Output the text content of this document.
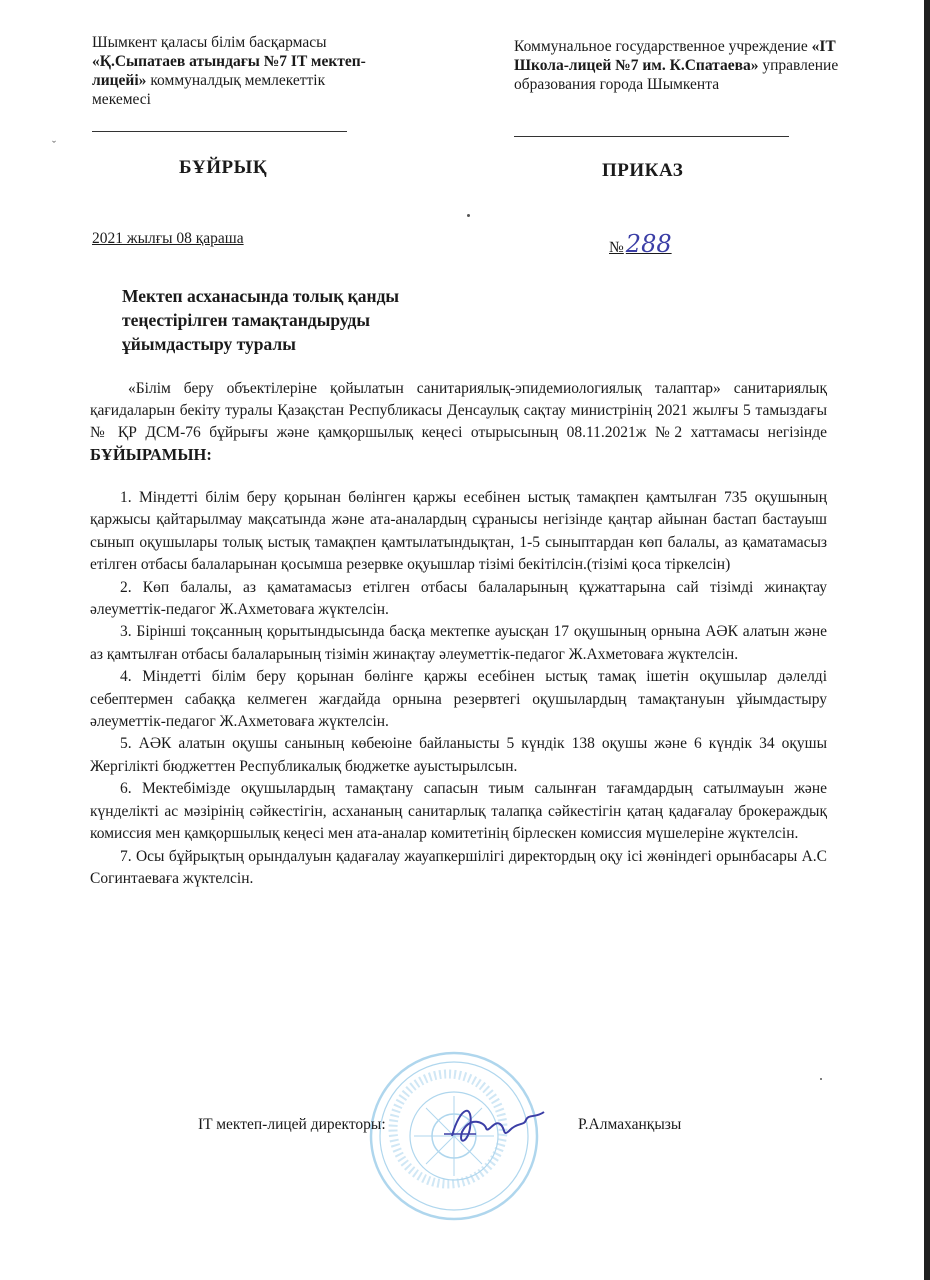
ˇ
Шымкент қаласы білім басқармасы
«Қ.Сыпатаев атындағы №7 IT мектеп-лицейі» коммуналдық мемлекеттік мекемесі
Коммунальное государственное учреждение «IT Школа-лицей №7 им. К.Спатаева» управление образования города Шымкента
БҰЙРЫҚ	ПРИКАЗ
2021 жылғы 08 қараша
№288
Мектеп асханасында толық қанды
теңестірілген тамақтандыруды
ұйымдастыру туралы
«Білім беру объектілеріне қойылатын санитариялық-эпидемиологиялық талаптар» санитариялық қағидаларын бекіту туралы Қазақстан Республикасы Денсаулық сақтау министрінің 2021 жылғы 5 тамыздағы № ҚР ДСМ-76 бұйрығы және қамқоршылық кеңесі отырысының 08.11.2021ж №2 хаттамасы негізінде БҰЙЫРАМЫН:

1. Міндетті білім беру қорынан бөлінген қаржы есебінен ыстық тамақпен қамтылған 735 оқушының қаржысы қайтарылмау мақсатында және ата-аналардың сұранысы негізінде қаңтар айынан бастап бастауыш сынып оқушылары толық ыстық тамақпен қамтылатындықтан, 1-5 сыныптардан көп балалы, аз қаматамасыз етілген отбасы балаларынан қосымша резервке оқуышлар тізімі бекітілсін.(тізімі қоса тіркелсін)

2. Көп балалы, аз қаматамасыз етілген отбасы балаларының құжаттарына сай тізімді жинақтау әлеуметтік-педагог Ж.Ахметоваға жүктелсін.

3. Бірінші тоқсанның қорытындысында басқа мектепке ауысқан 17 оқушының орнына АӘК алатын және аз қамтылған отбасы балаларының тізімін жинақтау әлеуметтік-педагог Ж.Ахметоваға жүктелсін.

4. Міндетті білім беру қорынан бөлінге қаржы есебінен ыстық тамақ ішетін оқушылар дәлелді себептермен сабаққа келмеген жағдайда орнына резервтегі оқушылардың тамақтануын ұйымдастыру әлеуметтік-педагог Ж.Ахметоваға жүктелсін.

5. АӘК алатын оқушы санының көбеюіне байланысты 5 күндік 138 оқушы және 6 күндік 34 оқушы Жергілікті бюджеттен Республикалық бюджетке ауыстырылсын.

6. Мектебімізде оқушылардың тамақтану сапасын тиым салынған тағамдардың сатылмауын және күнделікті ас мәзірінің сәйкестігін, асхананың санитарлық талапқа сәйкестігін қатаң қадағалау брокераждық комиссия мен қамқоршылық кеңесі мен ата-аналар комитетінің бірлескен комиссия мүшелеріне жүктелсін.

7. Осы бұйрықтың орындалуын қадағалау жауапкершілігі директордың оқу ісі жөніндегі орынбасары А.С Согинтаеваға жүктелсін.

IT мектеп-лицей директоры:	Р.Алмаханқызы
